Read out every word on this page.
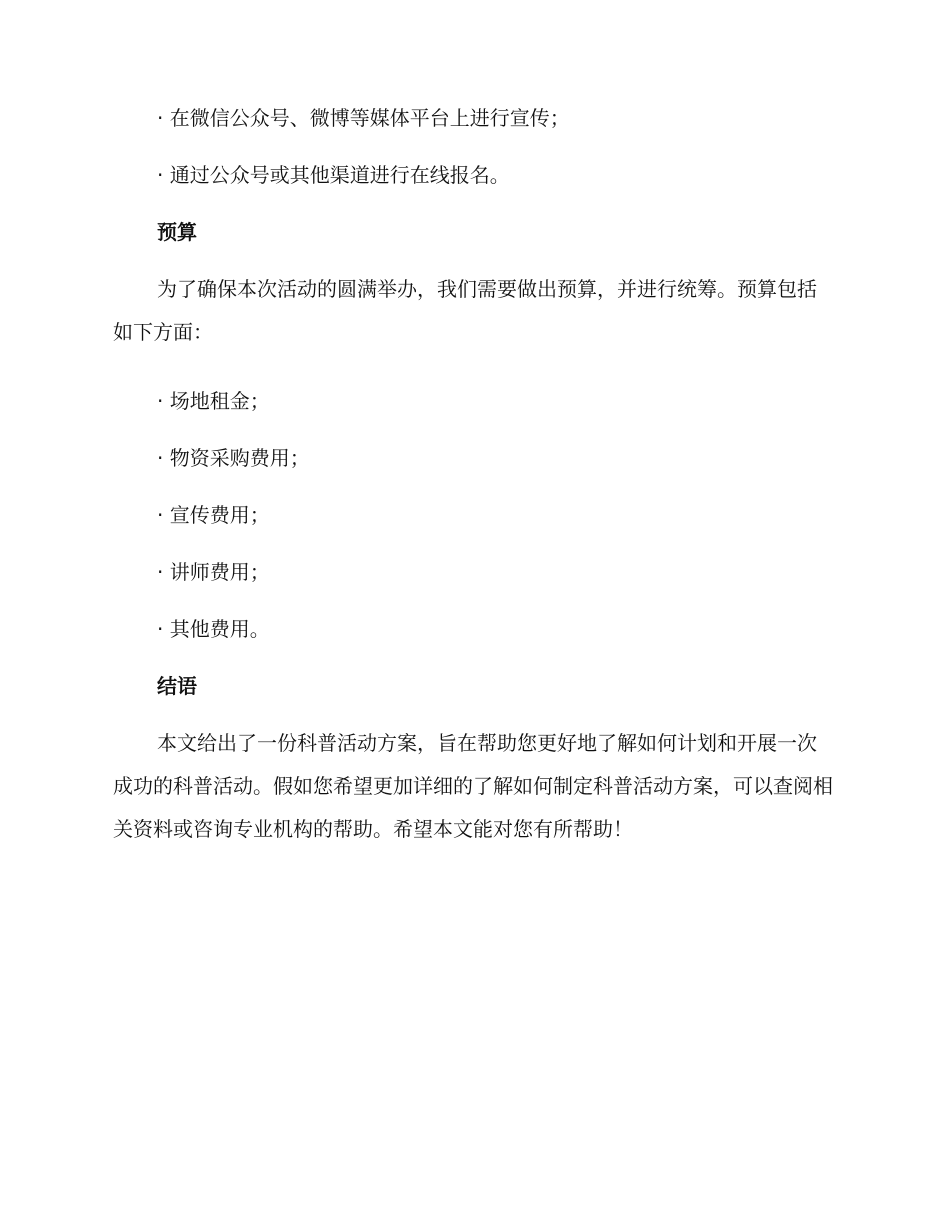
· 在微信公众号、微博等媒体平台上进行宣传；
· 通过公众号或其他渠道进行在线报名。
预算
为了确保本次活动的圆满举办，我们需要做出预算，并进行统筹。预算包括如下方面：
· 场地租金；
· 物资采购费用；
· 宣传费用；
· 讲师费用；
· 其他费用。
结语
本文给出了一份科普活动方案，旨在帮助您更好地了解如何计划和开展一次成功的科普活动。假如您希望更加详细的了解如何制定科普活动方案，可以查阅相关资料或咨询专业机构的帮助。希望本文能对您有所帮助！
